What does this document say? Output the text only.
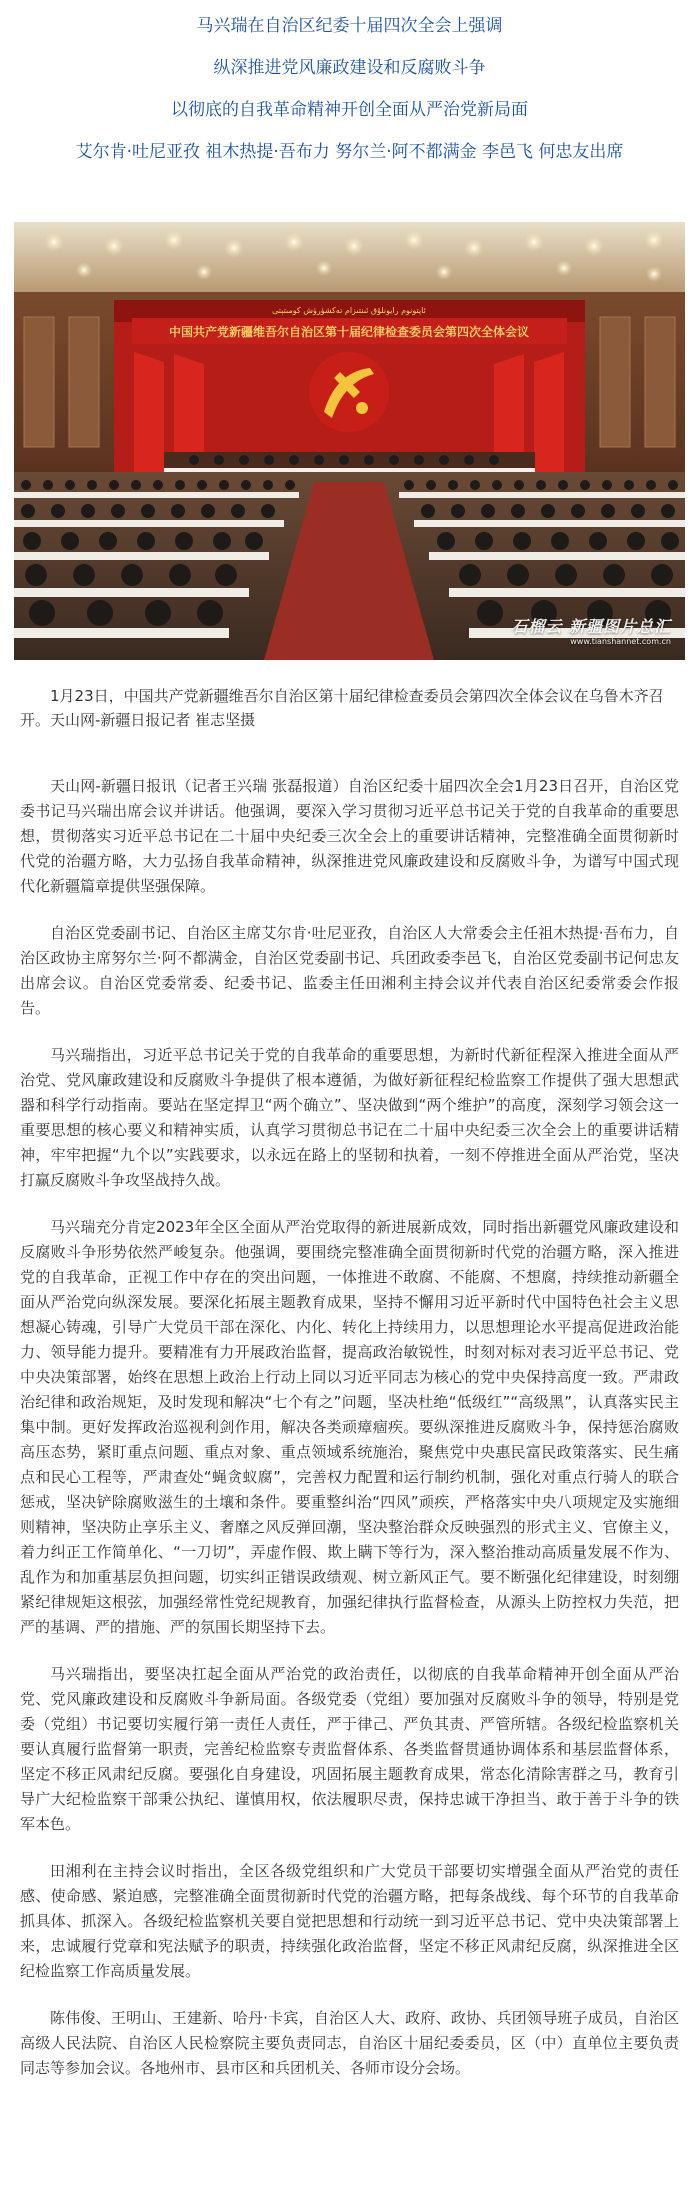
马兴瑞在自治区纪委十届四次全会上强调
纵深推进党风廉政建设和反腐败斗争
以彻底的自我革命精神开创全面从严治党新局面
艾尔肯·吐尼亚孜 祖木热提·吾布力 努尔兰·阿不都满金 李邑飞 何忠友出席
ئاپتونوم رايونلۇق ئىنتىزام تەكشۈرۈش كومىتېتى
中国共产党新疆维吾尔自治区第十届纪律检查委员会第四次全体会议
石榴云 新疆图片总汇
www.tianshannet.com.cn

1月23日，中国共产党新疆维吾尔自治区第十届纪律检查委员会第四次全体会议在乌鲁木齐召开。天山网-新疆日报记者 崔志坚摄

天山网-新疆日报讯（记者王兴瑞 张磊报道）自治区纪委十届四次全会1月23日召开，自治区党委书记马兴瑞出席会议并讲话。他强调，要深入学习贯彻习近平总书记关于党的自我革命的重要思想，贯彻落实习近平总书记在二十届中央纪委三次全会上的重要讲话精神，完整准确全面贯彻新时代党的治疆方略，大力弘扬自我革命精神，纵深推进党风廉政建设和反腐败斗争，为谱写中国式现代化新疆篇章提供坚强保障。

自治区党委副书记、自治区主席艾尔肯·吐尼亚孜，自治区人大常委会主任祖木热提·吾布力，自治区政协主席努尔兰·阿不都满金，自治区党委副书记、兵团政委李邑飞，自治区党委副书记何忠友出席会议。自治区党委常委、纪委书记、监委主任田湘利主持会议并代表自治区纪委常委会作报告。

马兴瑞指出，习近平总书记关于党的自我革命的重要思想，为新时代新征程深入推进全面从严治党、党风廉政建设和反腐败斗争提供了根本遵循，为做好新征程纪检监察工作提供了强大思想武器和科学行动指南。要站在坚定捍卫“两个确立”、坚决做到“两个维护”的高度，深刻学习领会这一重要思想的核心要义和精神实质，认真学习贯彻总书记在二十届中央纪委三次全会上的重要讲话精神，牢牢把握“九个以”实践要求，以永远在路上的坚韧和执着，一刻不停推进全面从严治党，坚决打赢反腐败斗争攻坚战持久战。

马兴瑞充分肯定2023年全区全面从严治党取得的新进展新成效，同时指出新疆党风廉政建设和反腐败斗争形势依然严峻复杂。他强调，要围绕完整准确全面贯彻新时代党的治疆方略，深入推进党的自我革命，正视工作中存在的突出问题，一体推进不敢腐、不能腐、不想腐，持续推动新疆全面从严治党向纵深发展。要深化拓展主题教育成果，坚持不懈用习近平新时代中国特色社会主义思想凝心铸魂，引导广大党员干部在深化、内化、转化上持续用力，以思想理论水平提高促进政治能力、领导能力提升。要精准有力开展政治监督，提高政治敏锐性，时刻对标对表习近平总书记、党中央决策部署，始终在思想上政治上行动上同以习近平同志为核心的党中央保持高度一致。严肃政治纪律和政治规矩，及时发现和解决“七个有之”问题，坚决杜绝“低级红”“高级黑”，认真落实民主集中制。更好发挥政治巡视利剑作用，解决各类顽瘴痼疾。要纵深推进反腐败斗争，保持惩治腐败高压态势，紧盯重点问题、重点对象、重点领域系统施治，聚焦党中央惠民富民政策落实、民生痛点和民心工程等，严肃查处“蝇贪蚁腐”，完善权力配置和运行制约机制，强化对重点行骑人的联合惩戒，坚决铲除腐败滋生的土壤和条件。要重整纠治“四风”顽疾，严格落实中央八项规定及实施细则精神，坚决防止享乐主义、奢靡之风反弹回潮，坚决整治群众反映强烈的形式主义、官僚主义，着力纠正工作简单化、“一刀切”，弄虚作假、欺上瞒下等行为，深入整治推动高质量发展不作为、乱作为和加重基层负担问题，切实纠正错误政绩观、树立新风正气。要不断强化纪律建设，时刻绷紧纪律规矩这根弦，加强经常性党纪规教育，加强纪律执行监督检查，从源头上防控权力失范，把严的基调、严的措施、严的氛围长期坚持下去。

马兴瑞指出，要坚决扛起全面从严治党的政治责任，以彻底的自我革命精神开创全面从严治党、党风廉政建设和反腐败斗争新局面。各级党委（党组）要加强对反腐败斗争的领导，特别是党委（党组）书记要切实履行第一责任人责任，严于律己、严负其责、严管所辖。各级纪检监察机关要认真履行监督第一职责，完善纪检监察专责监督体系、各类监督贯通协调体系和基层监督体系，坚定不移正风肃纪反腐。要强化自身建设，巩固拓展主题教育成果，常态化清除害群之马，教育引导广大纪检监察干部秉公执纪、谨慎用权，依法履职尽责，保持忠诚干净担当、敢于善于斗争的铁军本色。

田湘利在主持会议时指出，全区各级党组织和广大党员干部要切实增强全面从严治党的责任感、使命感、紧迫感，完整准确全面贯彻新时代党的治疆方略，把每条战线、每个环节的自我革命抓具体、抓深入。各级纪检监察机关要自觉把思想和行动统一到习近平总书记、党中央决策部署上来，忠诚履行党章和宪法赋予的职责，持续强化政治监督，坚定不移正风肃纪反腐，纵深推进全区纪检监察工作高质量发展。

陈伟俊、王明山、王建新、哈丹·卡宾，自治区人大、政府、政协、兵团领导班子成员，自治区高级人民法院、自治区人民检察院主要负责同志，自治区十届纪委委员，区（中）直单位主要负责同志等参加会议。各地州市、县市区和兵团机关、各师市设分会场。
